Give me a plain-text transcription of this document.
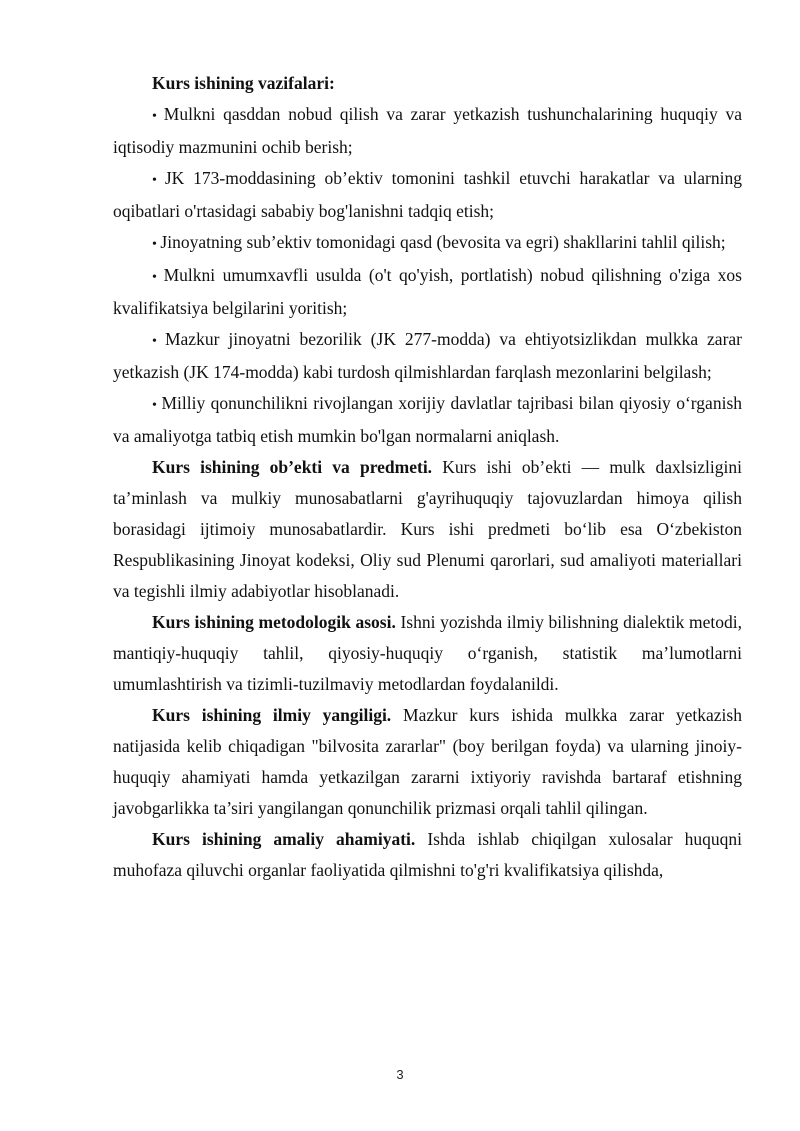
Kurs ishining vazifalari:

• Mulkni qasddan nobud qilish va zarar yetkazish tushunchalarining huquqiy va iqtisodiy mazmunini ochib berish;

• JK 173-moddasining ob’ektiv tomonini tashkil etuvchi harakatlar va ularning oqibatlari o'rtasidagi sababiy bog'lanishni tadqiq etish;

• Jinoyatning sub’ektiv tomonidagi qasd (bevosita va egri) shakllarini tahlil qilish;

• Mulkni umumxavfli usulda (o't qo'yish, portlatish) nobud qilishning o'ziga xos kvalifikatsiya belgilarini yoritish;

• Mazkur jinoyatni bezorilik (JK 277-modda) va ehtiyotsizlikdan mulkka zarar yetkazish (JK 174-modda) kabi turdosh qilmishlardan farqlash mezonlarini belgilash;

• Milliy qonunchilikni rivojlangan xorijiy davlatlar tajribasi bilan qiyosiy o‘rganish va amaliyotga tatbiq etish mumkin bo'lgan normalarni aniqlash.

Kurs ishining ob’ekti va predmeti. Kurs ishi ob’ekti — mulk daxlsizligini ta’minlash va mulkiy munosabatlarni g'ayrihuquqiy tajovuzlardan himoya qilish borasidagi ijtimoiy munosabatlardir. Kurs ishi predmeti bo‘lib esa O‘zbekiston Respublikasining Jinoyat kodeksi, Oliy sud Plenumi qarorlari, sud amaliyoti materiallari va tegishli ilmiy adabiyotlar hisoblanadi.

Kurs ishining metodologik asosi. Ishni yozishda ilmiy bilishning dialektik metodi, mantiqiy-huquqiy tahlil, qiyosiy-huquqiy o‘rganish, statistik ma’lumotlarni umumlashtirish va tizimli-tuzilmaviy metodlardan foydalanildi.

Kurs ishining ilmiy yangiligi. Mazkur kurs ishida mulkka zarar yetkazish natijasida kelib chiqadigan "bilvosita zararlar" (boy berilgan foyda) va ularning jinoiy-huquqiy ahamiyati hamda yetkazilgan zararni ixtiyoriy ravishda bartaraf etishning javobgarlikka ta’siri yangilangan qonunchilik prizmasi orqali tahlil qilingan.

Kurs ishining amaliy ahamiyati. Ishda ishlab chiqilgan xulosalar huquqni muhofaza qiluvchi organlar faoliyatida qilmishni to'g'ri kvalifikatsiya qilishda,

3
